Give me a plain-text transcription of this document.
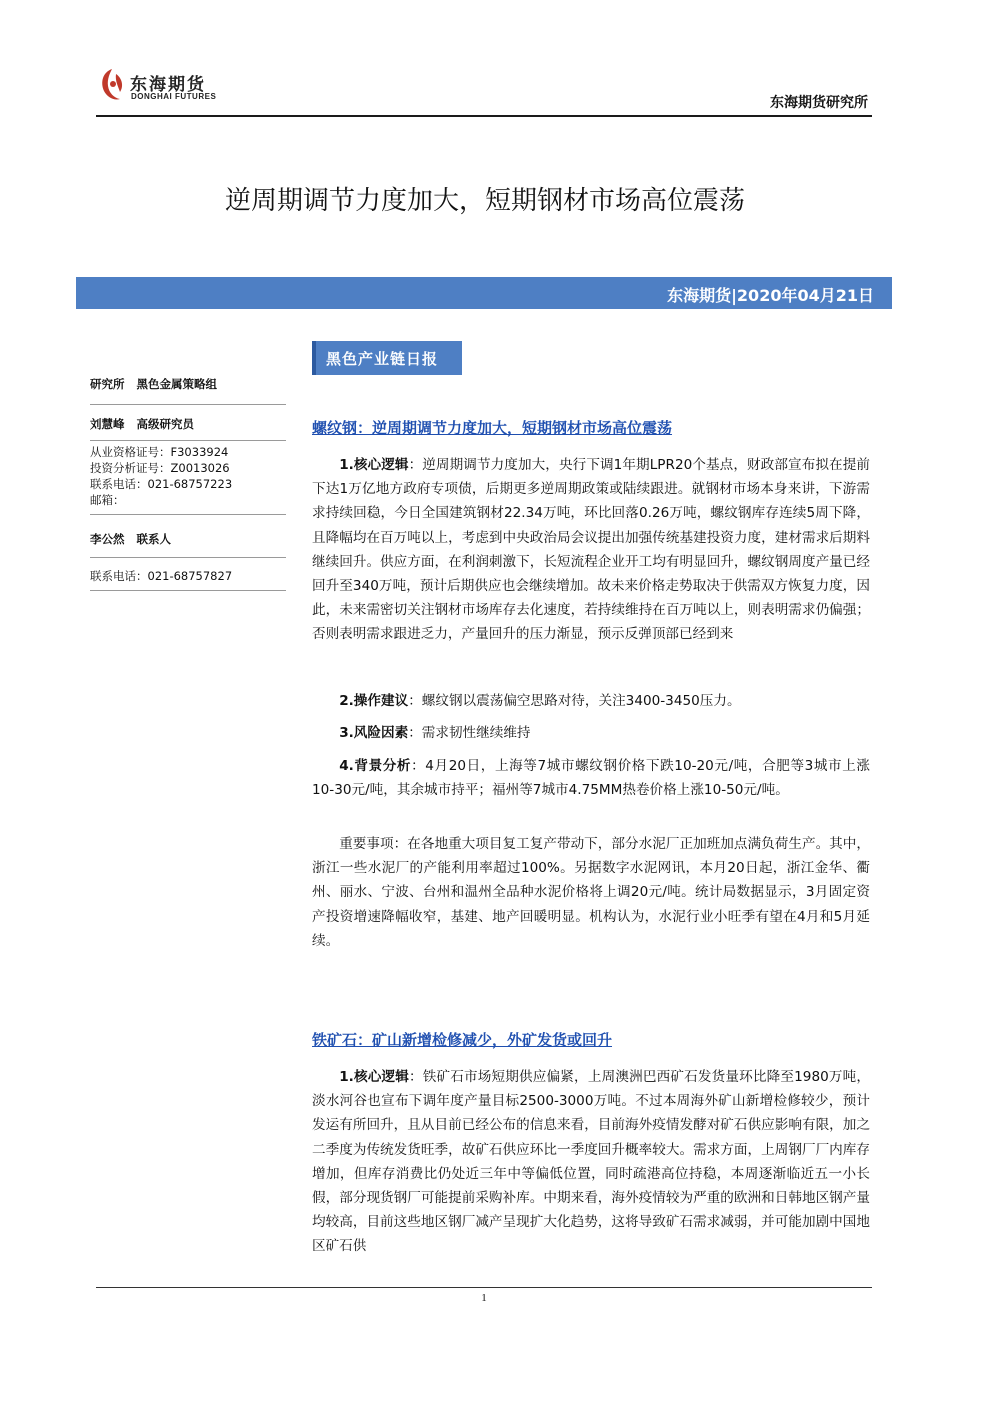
东海期货
DONGHAI FUTURES	东海期货研究所
逆周期调节力度加大，短期钢材市场高位震荡
东海期货|2020年04月21日
黑色产业链日报
研究所 黑色金属策略组
刘慧峰 高级研究员
从业资格证号：F3033924
投资分析证号：Z0013026
联系电话：021-68757223
邮箱：
李公然 联系人
联系电话：021-68757827
螺纹钢：逆周期调节力度加大，短期钢材市场高位震荡
1.核心逻辑：逆周期调节力度加大，央行下调1年期LPR20个基点，财政部宣布拟在提前下达1万亿地方政府专项债，后期更多逆周期政策或陆续跟进。就钢材市场本身来讲，下游需求持续回稳，今日全国建筑钢材22.34万吨，环比回落0.26万吨，螺纹钢库存连续5周下降，且降幅均在百万吨以上，考虑到中央政治局会议提出加强传统基建投资力度，建材需求后期料继续回升。供应方面，在利润刺激下，长短流程企业开工均有明显回升，螺纹钢周度产量已经回升至340万吨，预计后期供应也会继续增加。故未来价格走势取决于供需双方恢复力度，因此，未来需密切关注钢材市场库存去化速度，若持续维持在百万吨以上，则表明需求仍偏强；否则表明需求跟进乏力，产量回升的压力渐显，预示反弹顶部已经到来
2.操作建议：螺纹钢以震荡偏空思路对待，关注3400-3450压力。
3.风险因素：需求韧性继续维持
4.背景分析：4月20日，上海等7城市螺纹钢价格下跌10-20元/吨，合肥等3城市上涨10-30元/吨，其余城市持平；福州等7城市4.75MM热卷价格上涨10-50元/吨。
重要事项：在各地重大项目复工复产带动下，部分水泥厂正加班加点满负荷生产。其中，浙江一些水泥厂的产能利用率超过100%。另据数字水泥网讯，本月20日起，浙江金华、衢州、丽水、宁波、台州和温州全品种水泥价格将上调20元/吨。统计局数据显示，3月固定资产投资增速降幅收窄，基建、地产回暖明显。机构认为，水泥行业小旺季有望在4月和5月延续。
铁矿石：矿山新增检修减少，外矿发货或回升
1.核心逻辑：铁矿石市场短期供应偏紧，上周澳洲巴西矿石发货量环比降至1980万吨，淡水河谷也宣布下调年度产量目标2500-3000万吨。不过本周海外矿山新增检修较少，预计发运有所回升，且从目前已经公布的信息来看，目前海外疫情发酵对矿石供应影响有限，加之二季度为传统发货旺季，故矿石供应环比一季度回升概率较大。需求方面，上周钢厂厂内库存增加，但库存消费比仍处近三年中等偏低位置，同时疏港高位持稳，本周逐渐临近五一小长假，部分现货钢厂可能提前采购补库。中期来看，海外疫情较为严重的欧洲和日韩地区钢产量均较高，目前这些地区钢厂减产呈现扩大化趋势，这将导致矿石需求减弱，并可能加剧中国地区矿石供
1
